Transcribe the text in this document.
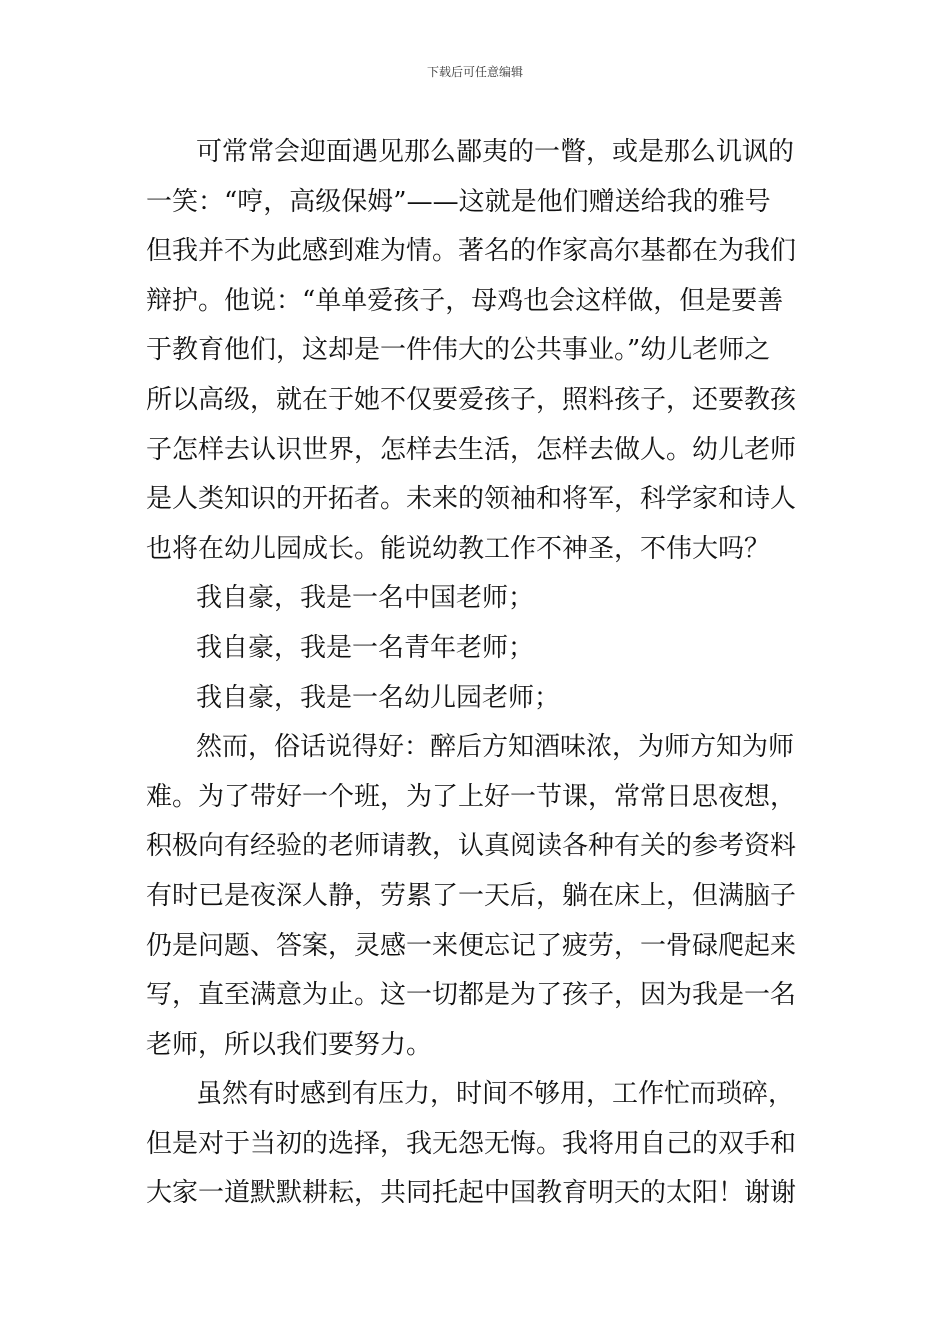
下载后可任意编辑
可常常会迎面遇见那么鄙夷的一瞥，或是那么讥讽的
一笑：“哼，高级保姆”——这就是他们赠送给我的雅号
但我并不为此感到难为情。著名的作家高尔基都在为我们
辩护。他说：“单单爱孩子，母鸡也会这样做，但是要善
于教育他们，这却是一件伟大的公共事业。”幼儿老师之
所以高级，就在于她不仅要爱孩子，照料孩子，还要教孩
子怎样去认识世界，怎样去生活，怎样去做人。幼儿老师
是人类知识的开拓者。未来的领袖和将军，科学家和诗人
也将在幼儿园成长。能说幼教工作不神圣，不伟大吗？
我自豪，我是一名中国老师；
我自豪，我是一名青年老师；
我自豪，我是一名幼儿园老师；
然而，俗话说得好：醉后方知酒味浓，为师方知为师
难。为了带好一个班，为了上好一节课，常常日思夜想，
积极向有经验的老师请教，认真阅读各种有关的参考资料
有时已是夜深人静，劳累了一天后，躺在床上，但满脑子
仍是问题、答案，灵感一来便忘记了疲劳，一骨碌爬起来
写，直至满意为止。这一切都是为了孩子，因为我是一名
老师，所以我们要努力。
虽然有时感到有压力，时间不够用，工作忙而琐碎，
但是对于当初的选择，我无怨无悔。我将用自己的双手和
大家一道默默耕耘，共同托起中国教育明天的太阳！谢谢
